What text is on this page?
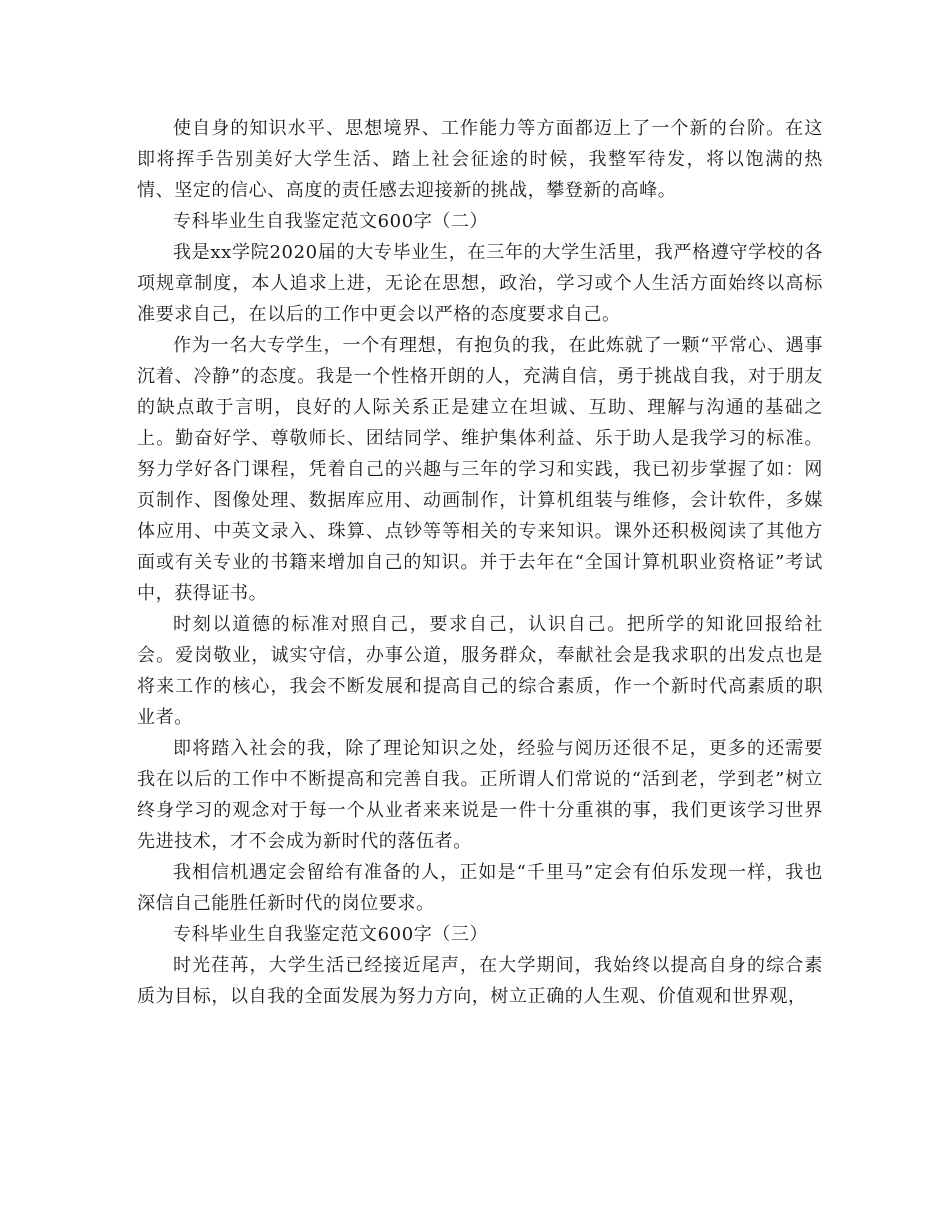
使自身的知识水平、思想境界、工作能力等方面都迈上了一个新的台阶。在这即将挥手告别美好大学生活、踏上社会征途的时候，我整军待发，将以饱满的热情、坚定的信心、高度的责任感去迎接新的挑战，攀登新的高峰。

专科毕业生自我鉴定范文600字（二）

我是xx学院2020届的大专毕业生，在三年的大学生活里，我严格遵守学校的各项规章制度，本人追求上进，无论在思想，政治，学习或个人生活方面始终以高标准要求自己，在以后的工作中更会以严格的态度要求自己。

作为一名大专学生，一个有理想，有抱负的我，在此炼就了一颗“平常心、遇事沉着、冷静”的态度。我是一个性格开朗的人，充满自信，勇于挑战自我，对于朋友的缺点敢于言明，良好的人际关系正是建立在坦诚、互助、理解与沟通的基础之上。勤奋好学、尊敬师长、团结同学、维护集体利益、乐于助人是我学习的标准。努力学好各门课程，凭着自己的兴趣与三年的学习和实践，我已初步掌握了如：网页制作、图像处理、数据库应用、动画制作，计算机组装与维修，会计软件，多媒体应用、中英文录入、珠算、点钞等等相关的专来知识。课外还积极阅读了其他方面或有关专业的书籍来增加自己的知识。并于去年在“全国计算机职业资格证”考试中，获得证书。

时刻以道德的标准对照自己，要求自己，认识自己。把所学的知讹回报给社会。爱岗敬业，诚实守信，办事公道，服务群众，奉献社会是我求职的出发点也是将来工作的核心，我会不断发展和提高自己的综合素质，作一个新时代高素质的职业者。

即将踏入社会的我，除了理论知识之处，经验与阅历还很不足，更多的还需要我在以后的工作中不断提高和完善自我。正所谓人们常说的“活到老，学到老”树立终身学习的观念对于每一个从业者来来说是一件十分重祺的事，我们更该学习世界先进技术，才不会成为新时代的落伍者。

我相信机遇定会留给有准备的人，正如是“千里马”定会有伯乐发现一样，我也深信自己能胜任新时代的岗位要求。

专科毕业生自我鉴定范文600字（三）

时光荏苒，大学生活已经接近尾声，在大学期间，我始终以提高自身的综合素质为目标，以自我的全面发展为努力方向，树立正确的人生观、价值观和世界观，
